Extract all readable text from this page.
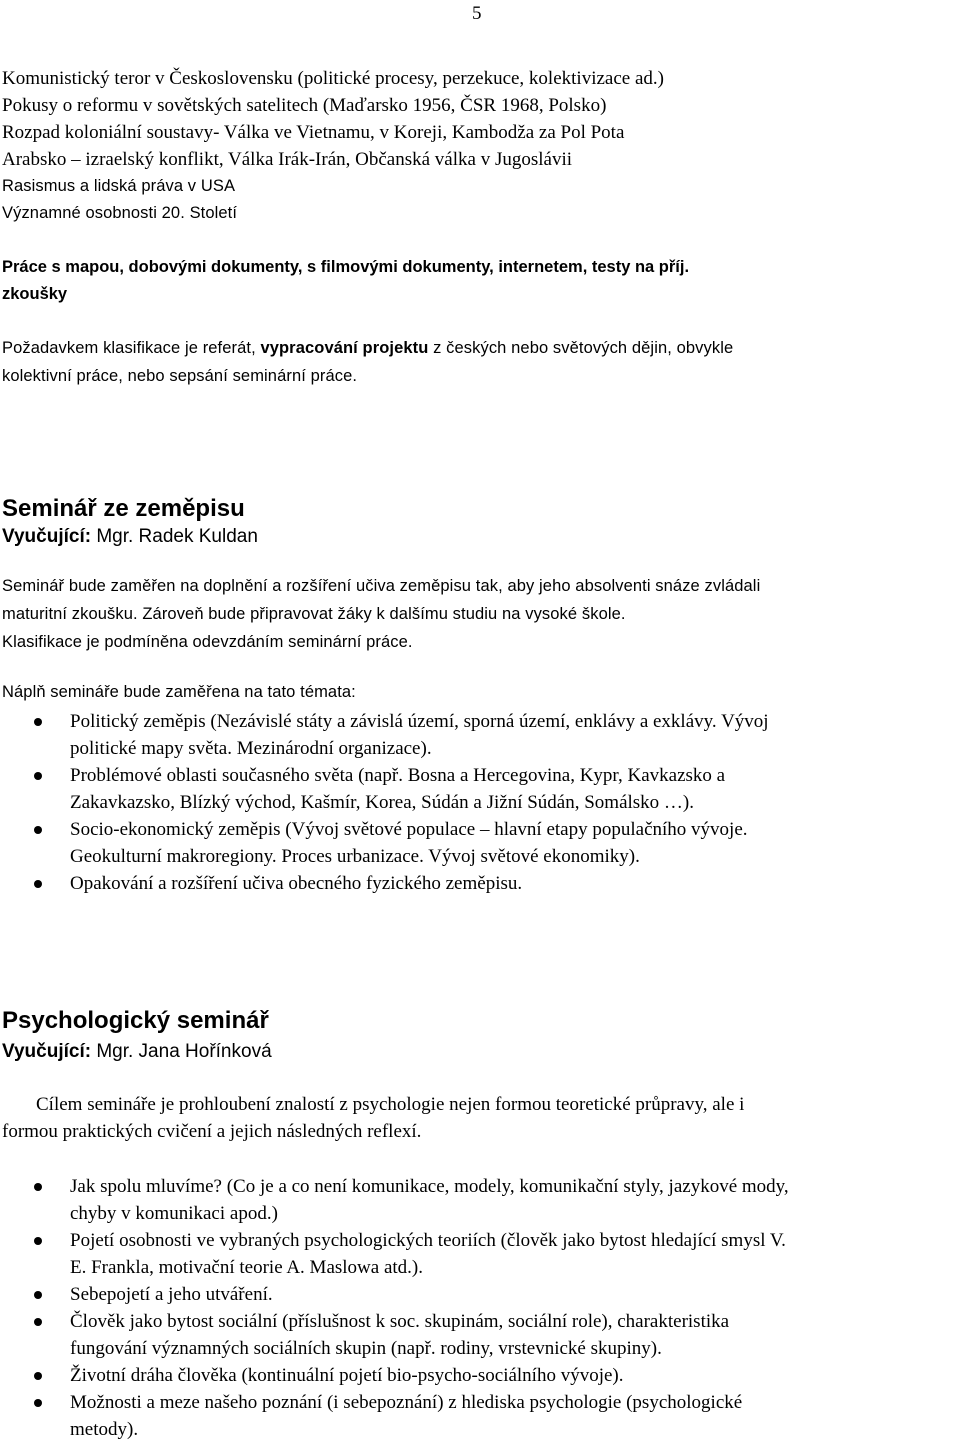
5
Komunistický teror v Československu (politické procesy, perzekuce, kolektivizace ad.)
Pokusy o reformu v sovětských satelitech (Maďarsko 1956, ČSR 1968, Polsko)
Rozpad koloniální soustavy- Válka ve Vietnamu, v Koreji, Kambodža za Pol Pota
Arabsko – izraelský konflikt, Válka Irák-Irán, Občanská válka v Jugoslávii
Rasismus a lidská práva v USA
Významné osobnosti 20. Století
Práce s mapou, dobovými dokumenty, s filmovými dokumenty, internetem, testy na příj.
zkoušky
Požadavkem klasifikace je referát, vypracování projektu z českých nebo světových dějin, obvykle
kolektivní práce, nebo sepsání seminární práce.
Seminář ze zeměpisu
Vyučující: Mgr. Radek Kuldan
Seminář bude zaměřen na doplnění a rozšíření učiva zeměpisu tak, aby jeho absolventi snáze zvládali
maturitní zkoušku. Zároveň bude připravovat žáky k dalšímu studiu na vysoké škole.
Klasifikace je podmíněna odevzdáním seminární práce.
Náplň semináře bude zaměřena na tato témata:
Politický zeměpis (Nezávislé státy a závislá území, sporná území, enklávy a exklávy. Vývoj
politické mapy světa. Mezinárodní organizace).
Problémové oblasti současného světa (např. Bosna a Hercegovina, Kypr, Kavkazsko a
Zakavkazsko, Blízký východ, Kašmír, Korea, Súdán a Jižní Súdán, Somálsko …).
Socio-ekonomický zeměpis (Vývoj světové populace – hlavní etapy populačního vývoje.
Geokulturní makroregiony. Proces urbanizace. Vývoj světové ekonomiky).
Opakování a rozšíření učiva obecného fyzického zeměpisu.
Psychologický seminář
Vyučující: Mgr. Jana Hořínková
Cílem semináře je prohloubení znalostí z psychologie nejen formou teoretické průpravy, ale i
formou praktických cvičení a jejich následných reflexí.
Jak spolu mluvíme? (Co je a co není komunikace, modely, komunikační styly, jazykové mody,
chyby v komunikaci apod.)
Pojetí osobnosti ve vybraných psychologických teoriích (člověk jako bytost hledající smysl V.
E. Frankla, motivační teorie A. Maslowa atd.).
Sebepojetí a jeho utváření.
Člověk jako bytost sociální (příslušnost k soc. skupinám, sociální role), charakteristika
fungování významných sociálních skupin (např. rodiny, vrstevnické skupiny).
Životní dráha člověka (kontinuální pojetí bio-psycho-sociálního vývoje).
Možnosti a meze našeho poznání (i sebepoznání) z hlediska psychologie (psychologické
metody).
